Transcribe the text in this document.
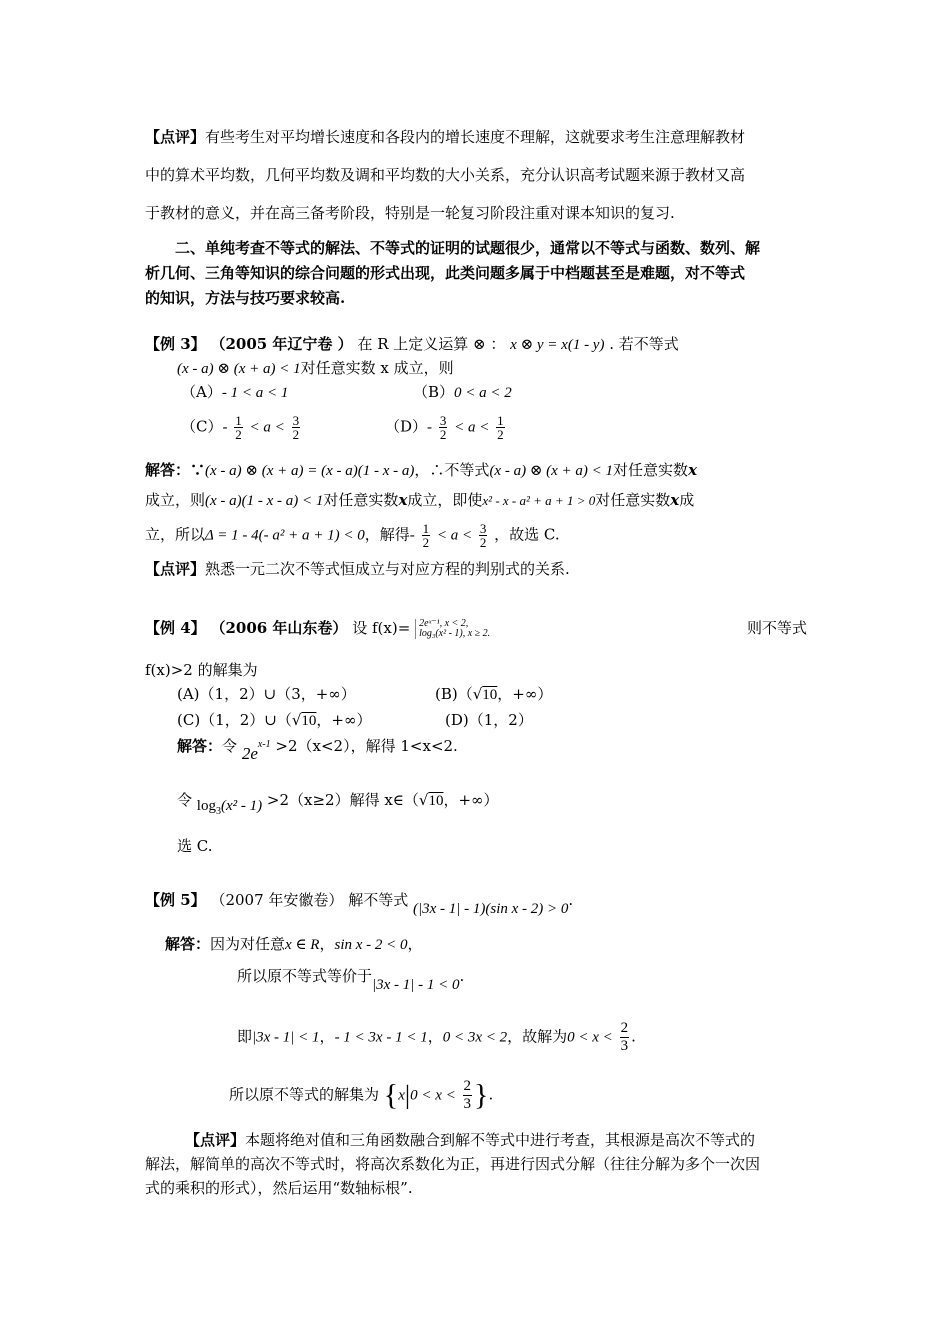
【点评】有些考生对平均增长速度和各段内的增长速度不理解，这就要求考生注意理解教材
中的算术平均数，几何平均数及调和平均数的大小关系，充分认识高考试题来源于教材又高
于教材的意义，并在高三备考阶段，特别是一轮复习阶段注重对课本知识的复习.
二、单纯考查不等式的解法、不等式的证明的试题很少，通常以不等式与函数、数列、解
析几何、三角等知识的综合问题的形式出现，此类问题多属于中档题甚至是难题，对不等式
的知识，方法与技巧要求较高.
【例 3】 （2005 年辽宁卷 ） 在 R 上定义运算 ⊗ ： x ⊗ y = x(1 - y) . 若不等式
(x - a) ⊗ (x + a) < 1对任意实数 x 成立，则
（A）- 1 < a < 1	（B）0 < a < 2
$(C)- \frac{1}{2} < a < \frac{3}{2}$	$(D)- \frac{3}{2} < a < \frac{1}{2}$
解答：∵(x - a) ⊗ (x + a) = (x - a)(1 - x - a)，∴不等式(x - a) ⊗ (x + a) < 1对任意实数x
成立，则(x - a)(1 - x - a) < 1对任意实数x成立，即使x² - x - a² + a + 1 > 0对任意实数x成
立，所以Δ = 1 - 4(- a² + a + 1) < 0，解得- $\frac{1}{2} < a < \frac{3}{2}$ ，故选 C.
【点评】熟悉一元二次不等式恒成立与对应方程的判别式的关系.
【例 4】 （2006 年山东卷） 设 f(x)= 2eˣ⁻¹, x < 2,
log₃(x² - 1), x ≥ 2.	则不等式
f(x)>2 的解集为
(A)（1，2）∪（3，+∞）	(B)（√10，+∞）
(C)（1，2）∪（√10，+∞）	(D)（1，2）
解答：令 $2e^{x-1} >2(x<2)$，解得 1<x<2.
令 $\log_3(x^2 - 1) >2(x\ge 2)$解得 x∈（√10，+∞）
选 C.
【例 5】 （2007 年安徽卷） 解不等式 (|3x - 1| - 1)(sin x - 2) > 0.
解答：因为对任意x ∈ R，sin x - 2 < 0，
所以原不等式等价于|3x - 1| - 1 < 0.
即|3x - 1| < 1，- 1 < 3x - 1 < 1，0 < 3x < 2，故解为$0 < x < \frac{2}{3}$ .
所以原不等式的解集为 {$x|0 < x < \frac{2}{3}$ }.
【点评】本题将绝对值和三角函数融合到解不等式中进行考查，其根源是高次不等式的
解法，解简单的高次不等式时，将高次系数化为正，再进行因式分解（往往分解为多个一次因
式的乘积的形式），然后运用“数轴标根”.
